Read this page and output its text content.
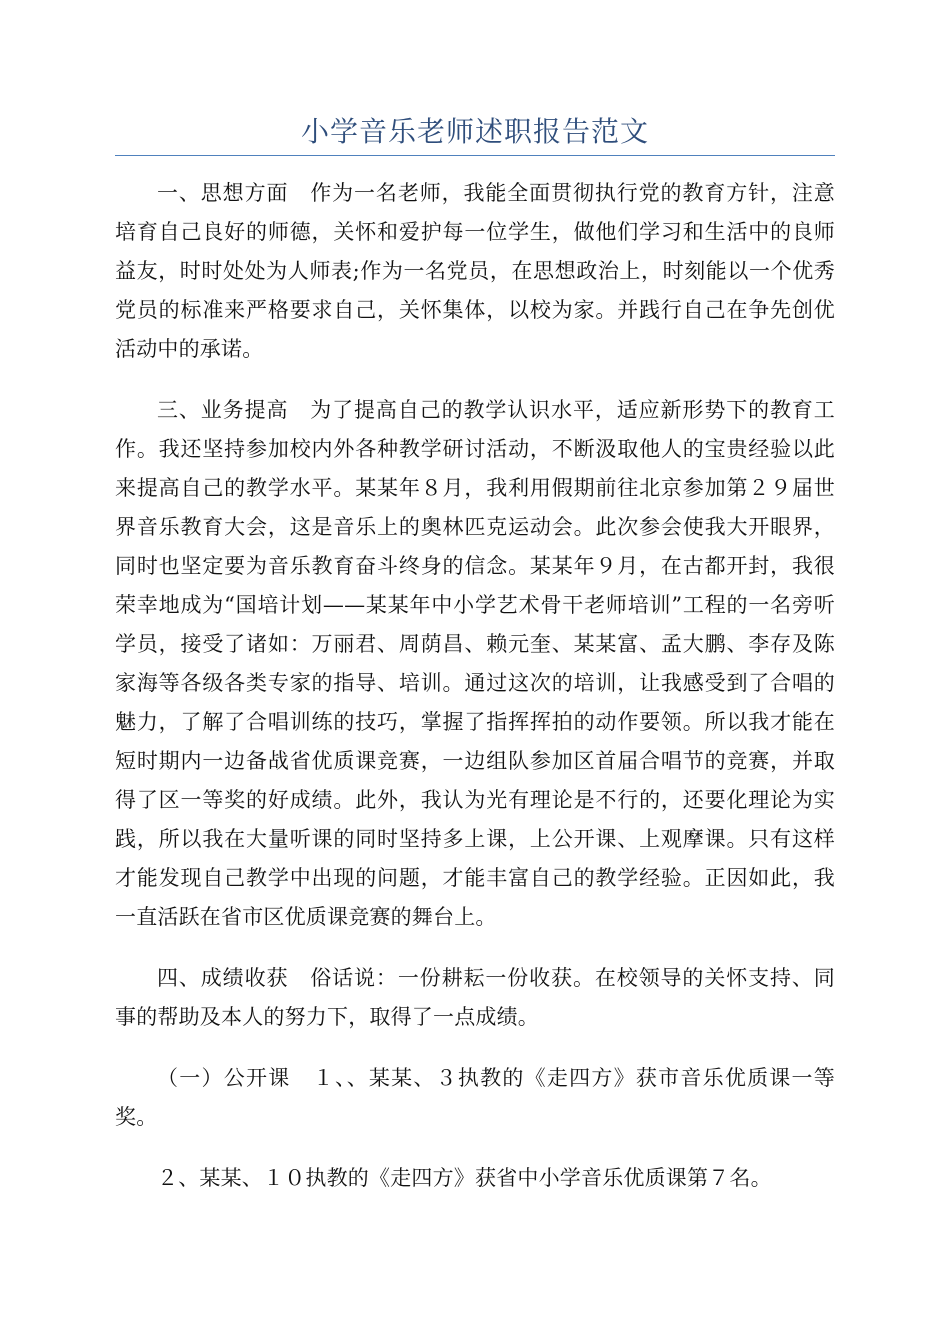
小学音乐老师述职报告范文

一、思想方面　作为一名老师，我能全面贯彻执行党的教育方针，注意培育自己良好的师德，关怀和爱护每一位学生，做他们学习和生活中的良师益友，时时处处为人师表;作为一名党员，在思想政治上，时刻能以一个优秀党员的标准来严格要求自己，关怀集体，以校为家。并践行自己在争先创优活动中的承诺。

三、业务提高　为了提高自己的教学认识水平，适应新形势下的教育工作。我还坚持参加校内外各种教学研讨活动，不断汲取他人的宝贵经验以此来提高自己的教学水平。某某年８月，我利用假期前往北京参加第２９届世界音乐教育大会，这是音乐上的奥林匹克运动会。此次参会使我大开眼界，同时也坚定要为音乐教育奋斗终身的信念。某某年９月，在古都开封，我很荣幸地成为“国培计划——某某年中小学艺术骨干老师培训”工程的一名旁听学员，接受了诸如：万丽君、周荫昌、赖元奎、某某富、孟大鹏、李存及陈家海等各级各类专家的指导、培训。通过这次的培训，让我感受到了合唱的魅力，了解了合唱训练的技巧，掌握了指挥挥拍的动作要领。所以我才能在短时期内一边备战省优质课竞赛，一边组队参加区首届合唱节的竞赛，并取得了区一等奖的好成绩。此外，我认为光有理论是不行的，还要化理论为实践，所以我在大量听课的同时坚持多上课，上公开课、上观摩课。只有这样才能发现自己教学中出现的问题，才能丰富自己的教学经验。正因如此，我一直活跃在省市区优质课竞赛的舞台上。

四、成绩收获　俗话说：一份耕耘一份收获。在校领导的关怀支持、同事的帮助及本人的努力下，取得了一点成绩。

（一）公开课　１、、某某、３执教的《走四方》获市音乐优质课一等奖。

２、某某、１０执教的《走四方》获省中小学音乐优质课第７名。
